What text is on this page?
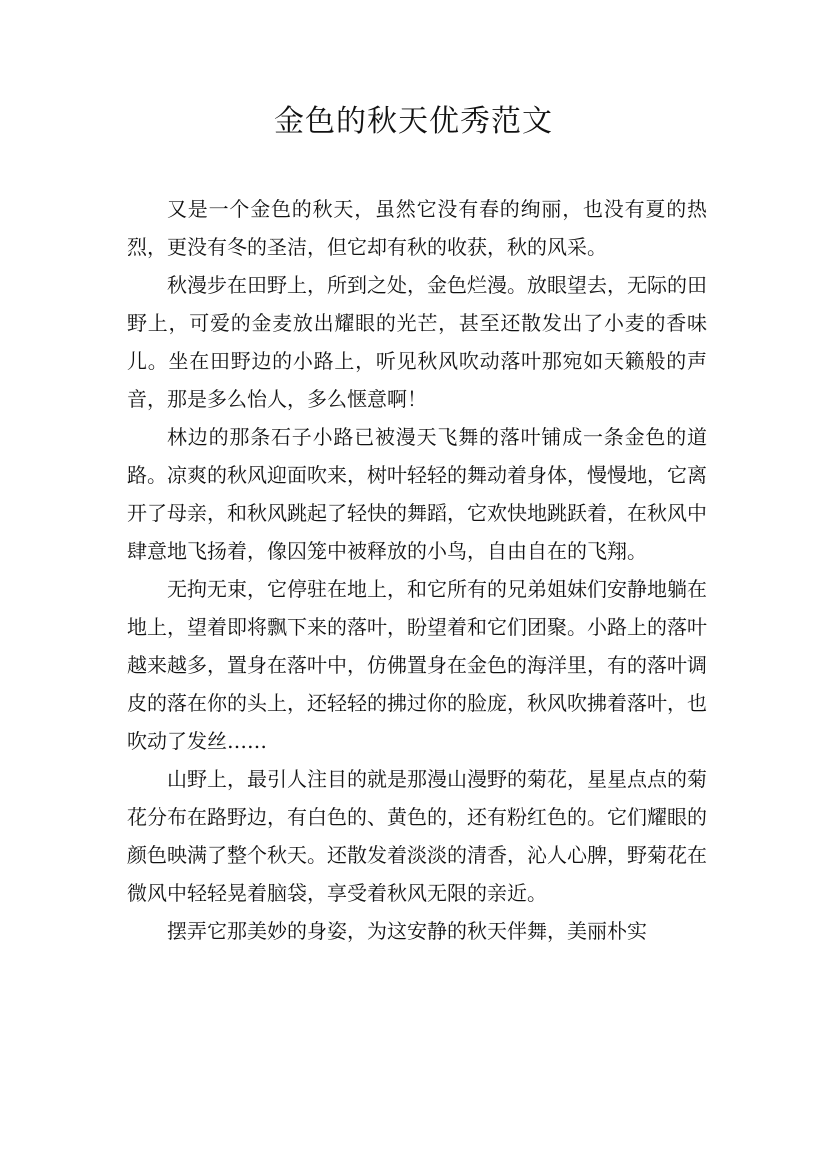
金色的秋天优秀范文

又是一个金色的秋天，虽然它没有春的绚丽，也没有夏的热烈，更没有冬的圣洁，但它却有秋的收获，秋的风采。

秋漫步在田野上，所到之处，金色烂漫。放眼望去，无际的田野上，可爱的金麦放出耀眼的光芒，甚至还散发出了小麦的香味儿。坐在田野边的小路上，听见秋风吹动落叶那宛如天籁般的声音，那是多么怡人，多么惬意啊！

林边的那条石子小路已被漫天飞舞的落叶铺成一条金色的道路。凉爽的秋风迎面吹来，树叶轻轻的舞动着身体，慢慢地，它离开了母亲，和秋风跳起了轻快的舞蹈，它欢快地跳跃着，在秋风中肆意地飞扬着，像囚笼中被释放的小鸟，自由自在的飞翔。

无拘无束，它停驻在地上，和它所有的兄弟姐妹们安静地躺在地上，望着即将飘下来的落叶，盼望着和它们团聚。小路上的落叶越来越多，置身在落叶中，仿佛置身在金色的海洋里，有的落叶调皮的落在你的头上，还轻轻的拂过你的脸庞，秋风吹拂着落叶，也吹动了发丝……

山野上，最引人注目的就是那漫山漫野的菊花，星星点点的菊花分布在路野边，有白色的、黄色的，还有粉红色的。它们耀眼的颜色映满了整个秋天。还散发着淡淡的清香，沁人心脾，野菊花在微风中轻轻晃着脑袋，享受着秋风无限的亲近。

摆弄它那美妙的身姿，为这安静的秋天伴舞，美丽朴实
